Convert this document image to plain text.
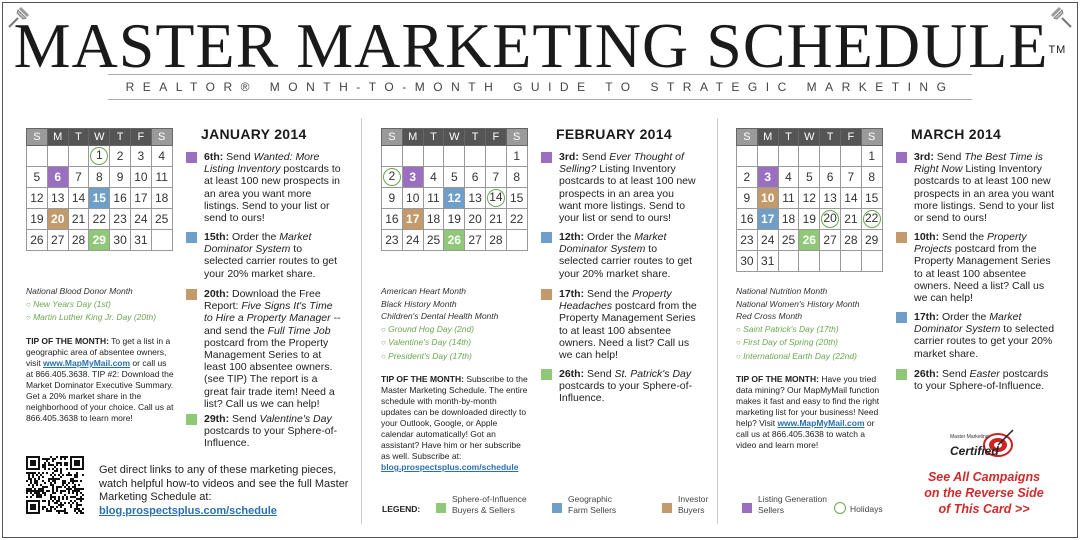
MASTER MARKETING SCHEDULE™
REALTOR® MONTH-TO-MONTH GUIDE TO STRATEGIC MARKETING
S	M	T	W	T	F	S
			1	2	3	4
5	6	7	8	9	10	11
12	13	14	15	16	17	18
19	20	21	22	23	24	25
26	27	28	29	30	31	
National Blood Donor Month
○ New Years Day (1st)
○ Martin Luther King Jr. Day (20th)
TIP OF THE MONTH: To get a list in a geographic area of absentee owners, visit www.MapMyMail.com or call us at 866.405.3638. TIP #2: Download the Market Dominator Executive Summary. Get a 20% market share in the neighborhood of your choice. Call us at 866.405.3638 to learn more!
JANUARY 2014
6th: Send Wanted: More Listing Inventory postcards to at least 100 new prospects in an area you want more listings. Send to your list or send to ours!
15th: Order the Market Dominator System to selected carrier routes to get your 20% market share.
20th: Download the Free Report: Five Signs It's Time to Hire a Property Manager -- and send the Full Time Job postcard from the Property Management Series to at least 100 absentee owners. (see TIP) The report is a great fair trade item! Need a list? Call us we can help!
29th: Send Valentine's Day postcards to your Sphere-of-Influence.
S	M	T	W	T	F	S
						1
2	3	4	5	6	7	8
9	10	11	12	13	14	15
16	17	18	19	20	21	22
23	24	25	26	27	28	
American Heart Month
Black History Month
Children's Dental Health Month
○ Ground Hog Day (2nd)
○ Valentine's Day (14th)
○ President's Day (17th)
TIP OF THE MONTH: Subscribe to the Master Marketing Schedule. The entire schedule with month-by-month updates can be downloaded directly to your Outlook, Google, or Apple calendar automatically! Got an assistant? Have him or her subscribe as well. Subscribe at: blog.prospectsplus.com/schedule
FEBRUARY 2014
3rd: Send Ever Thought of Selling? Listing Inventory postcards to at least 100 new prospects in an area you want more listings. Send to your list or send to ours!
12th: Order the Market Dominator System to selected carrier routes to get your 20% market share.
17th: Send the Property Headaches postcard from the Property Management Series to at least 100 absentee owners. Need a list? Call us we can help!
26th: Send St. Patrick's Day postcards to your Sphere-of-Influence.
S	M	T	W	T	F	S
						1
2	3	4	5	6	7	8
9	10	11	12	13	14	15
16	17	18	19	20	21	22
23	24	25	26	27	28	29
30	31					
National Nutrition Month
National Women's History Month
Red Cross Month
○ Saint Patrick's Day (17th)
○ First Day of Spring (20th)
○ International Earth Day (22nd)
TIP OF THE MONTH: Have you tried data mining? Our MapMyMail function makes it fast and easy to find the right marketing list for your business! Need help? Visit www.MapMyMail.com or call us at 866.405.3638 to watch a video and learn more!
MARCH 2014
3rd: Send The Best Time is Right Now Listing Inventory postcards to at least 100 new prospects in an area you want more listings. Send to your list or send to ours!
10th: Send the Property Projects postcard from the Property Management Series to at least 100 absentee owners. Need a list? Call us we can help!
17th: Order the Market Dominator System to selected carrier routes to get your 20% market share.
26th: Send Easter postcards to your Sphere-of-Influence.
Get direct links to any of these marketing pieces, watch helpful how-to videos and see the full Master Marketing Schedule at:
blog.prospectsplus.com/schedule	LEGEND:
Sphere-of-Influence
Buyers & Sellers
Geographic
Farm Sellers
Investor
Buyers
Listing Generation
Sellers	Holidays
Master Marketing
Certified
See All Campaigns
on the Reverse Side
of This Card >>
